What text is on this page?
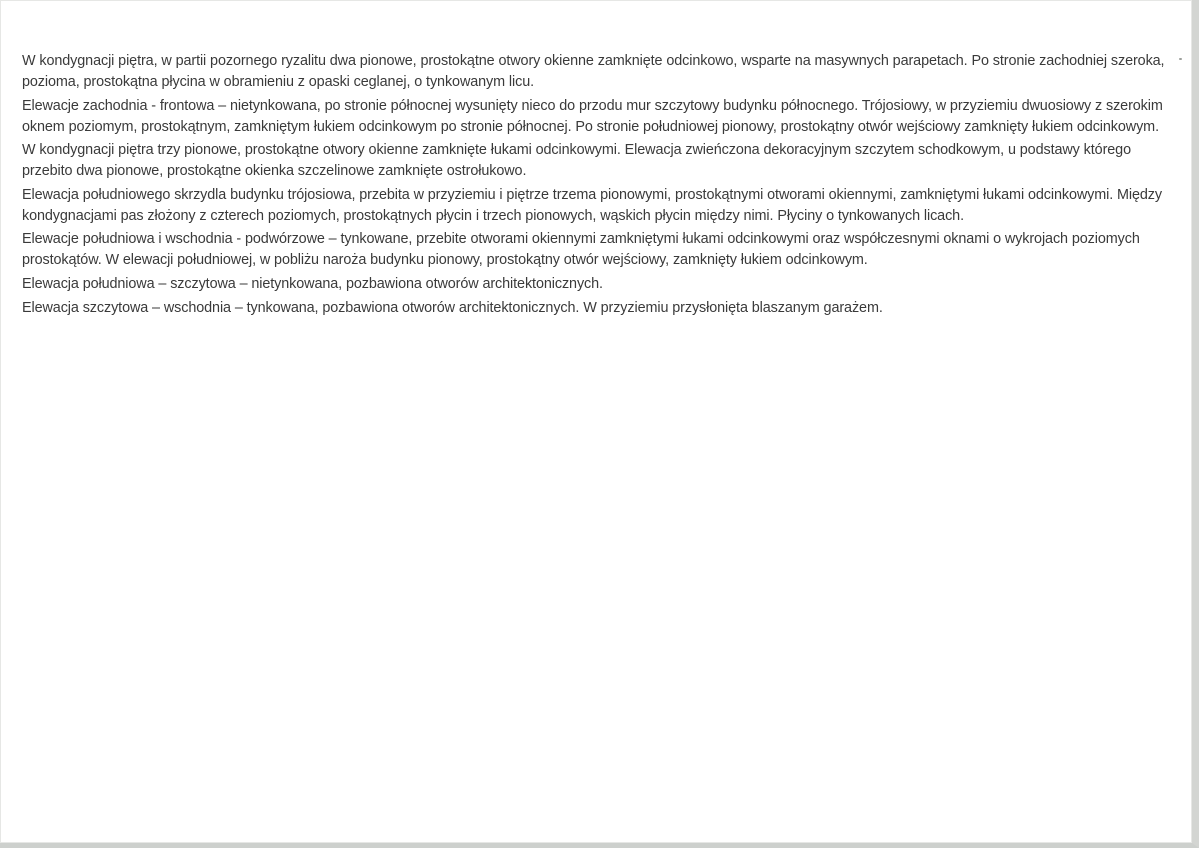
W kondygnacji piętra, w partii pozornego ryzalitu dwa pionowe, prostokątne otwory okienne zamknięte odcinkowo, wsparte na masywnych parapetach. Po stronie zachodniej szeroka, pozioma, prostokątna płycina w obramieniu z opaski ceglanej, o tynkowanym licu.

Elewacje zachodnia - frontowa – nietynkowana, po stronie północnej wysunięty nieco do przodu mur szczytowy budynku północnego. Trójosiowy, w przyziemiu dwuosiowy z szerokim oknem poziomym, prostokątnym, zamkniętym łukiem odcinkowym po stronie północnej. Po stronie południowej pionowy, prostokątny otwór wejściowy zamknięty łukiem odcinkowym.

W kondygnacji piętra trzy pionowe, prostokątne otwory okienne zamknięte łukami odcinkowymi. Elewacja zwieńczona dekoracyjnym szczytem schodkowym, u podstawy którego przebito dwa pionowe, prostokątne okienka szczelinowe zamknięte ostrołukowo.

Elewacja południowego skrzydla budynku trójosiowa, przebita w przyziemiu i piętrze trzema pionowymi, prostokątnymi otworami okiennymi, zamkniętymi łukami odcinkowymi. Między kondygnacjami pas złożony z czterech poziomych, prostokątnych płycin i trzech pionowych, wąskich płycin między nimi. Płyciny o tynkowanych licach.

Elewacje południowa i wschodnia - podwórzowe – tynkowane, przebite otworami okiennymi zamkniętymi łukami odcinkowymi oraz współczesnymi oknami o wykrojach poziomych prostokątów. W elewacji południowej, w pobliżu naroża budynku pionowy, prostokątny otwór wejściowy, zamknięty łukiem odcinkowym.

Elewacja południowa – szczytowa – nietynkowana, pozbawiona otworów architektonicznych.

Elewacja szczytowa – wschodnia – tynkowana, pozbawiona otworów architektonicznych. W przyziemiu przysłonięta blaszanym garażem.
